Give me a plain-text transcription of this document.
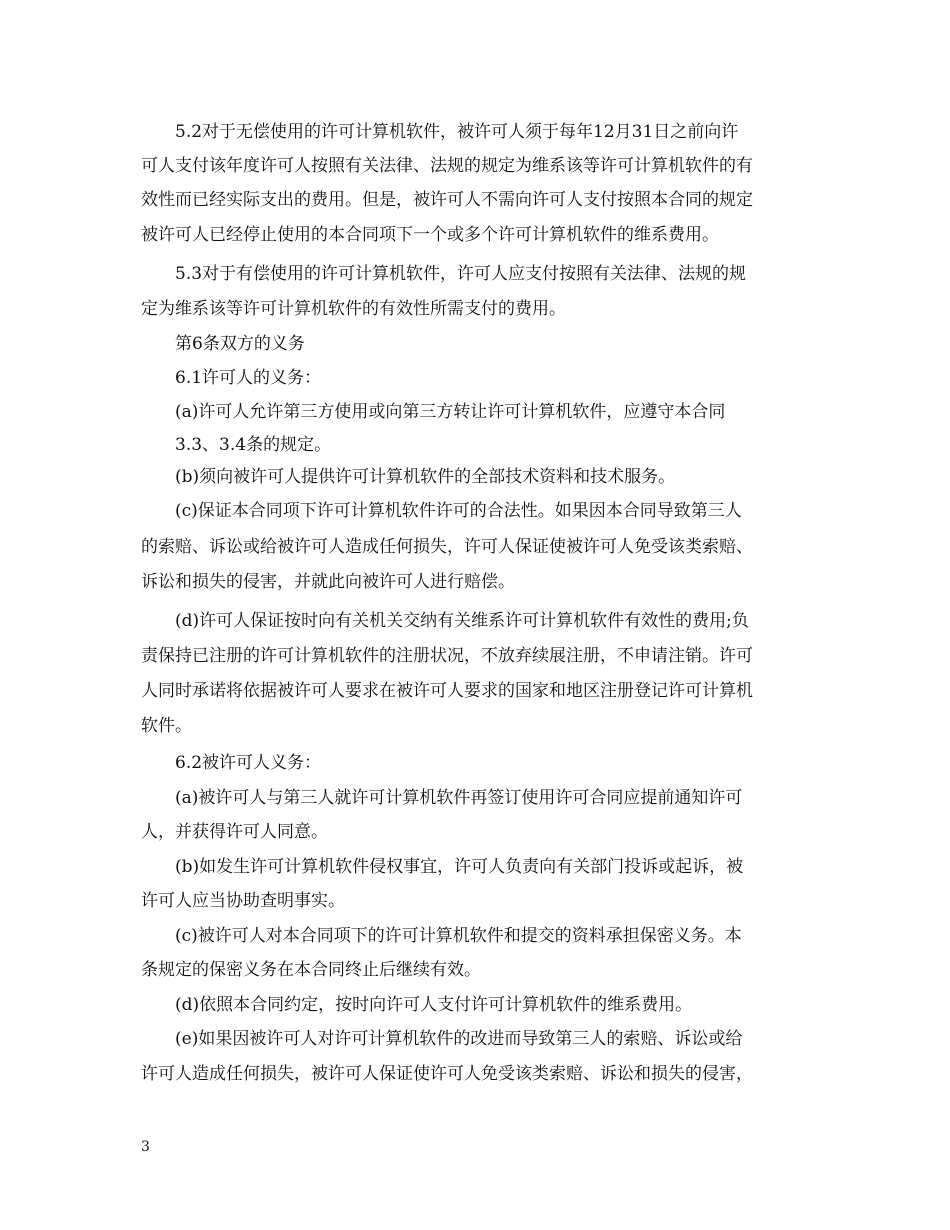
5.2对于无偿使用的许可计算机软件，被许可人须于每年12月31日之前向许
可人支付该年度许可人按照有关法律、法规的规定为维系该等许可计算机软件的有
效性而已经实际支出的费用。但是，被许可人不需向许可人支付按照本合同的规定
被许可人已经停止使用的本合同项下一个或多个许可计算机软件的维系费用。
5.3对于有偿使用的许可计算机软件，许可人应支付按照有关法律、法规的规
定为维系该等许可计算机软件的有效性所需支付的费用。
第6条双方的义务
6.1许可人的义务：
(a)许可人允许第三方使用或向第三方转让许可计算机软件，应遵守本合同
3.3、3.4条的规定。
(b)须向被许可人提供许可计算机软件的全部技术资料和技术服务。
(c)保证本合同项下许可计算机软件许可的合法性。如果因本合同导致第三人
的索赔、诉讼或给被许可人造成任何损失，许可人保证使被许可人免受该类索赔、
诉讼和损失的侵害，并就此向被许可人进行赔偿。
(d)许可人保证按时向有关机关交纳有关维系许可计算机软件有效性的费用;负
责保持已注册的许可计算机软件的注册状况，不放弃续展注册，不申请注销。许可
人同时承诺将依据被许可人要求在被许可人要求的国家和地区注册登记许可计算机
软件。
6.2被许可人义务：
(a)被许可人与第三人就许可计算机软件再签订使用许可合同应提前通知许可
人，并获得许可人同意。
(b)如发生许可计算机软件侵权事宜，许可人负责向有关部门投诉或起诉，被
许可人应当协助查明事实。
(c)被许可人对本合同项下的许可计算机软件和提交的资料承担保密义务。本
条规定的保密义务在本合同终止后继续有效。
(d)依照本合同约定，按时向许可人支付许可计算机软件的维系费用。
(e)如果因被许可人对许可计算机软件的改进而导致第三人的索赔、诉讼或给
许可人造成任何损失，被许可人保证使许可人免受该类索赔、诉讼和损失的侵害，
3
